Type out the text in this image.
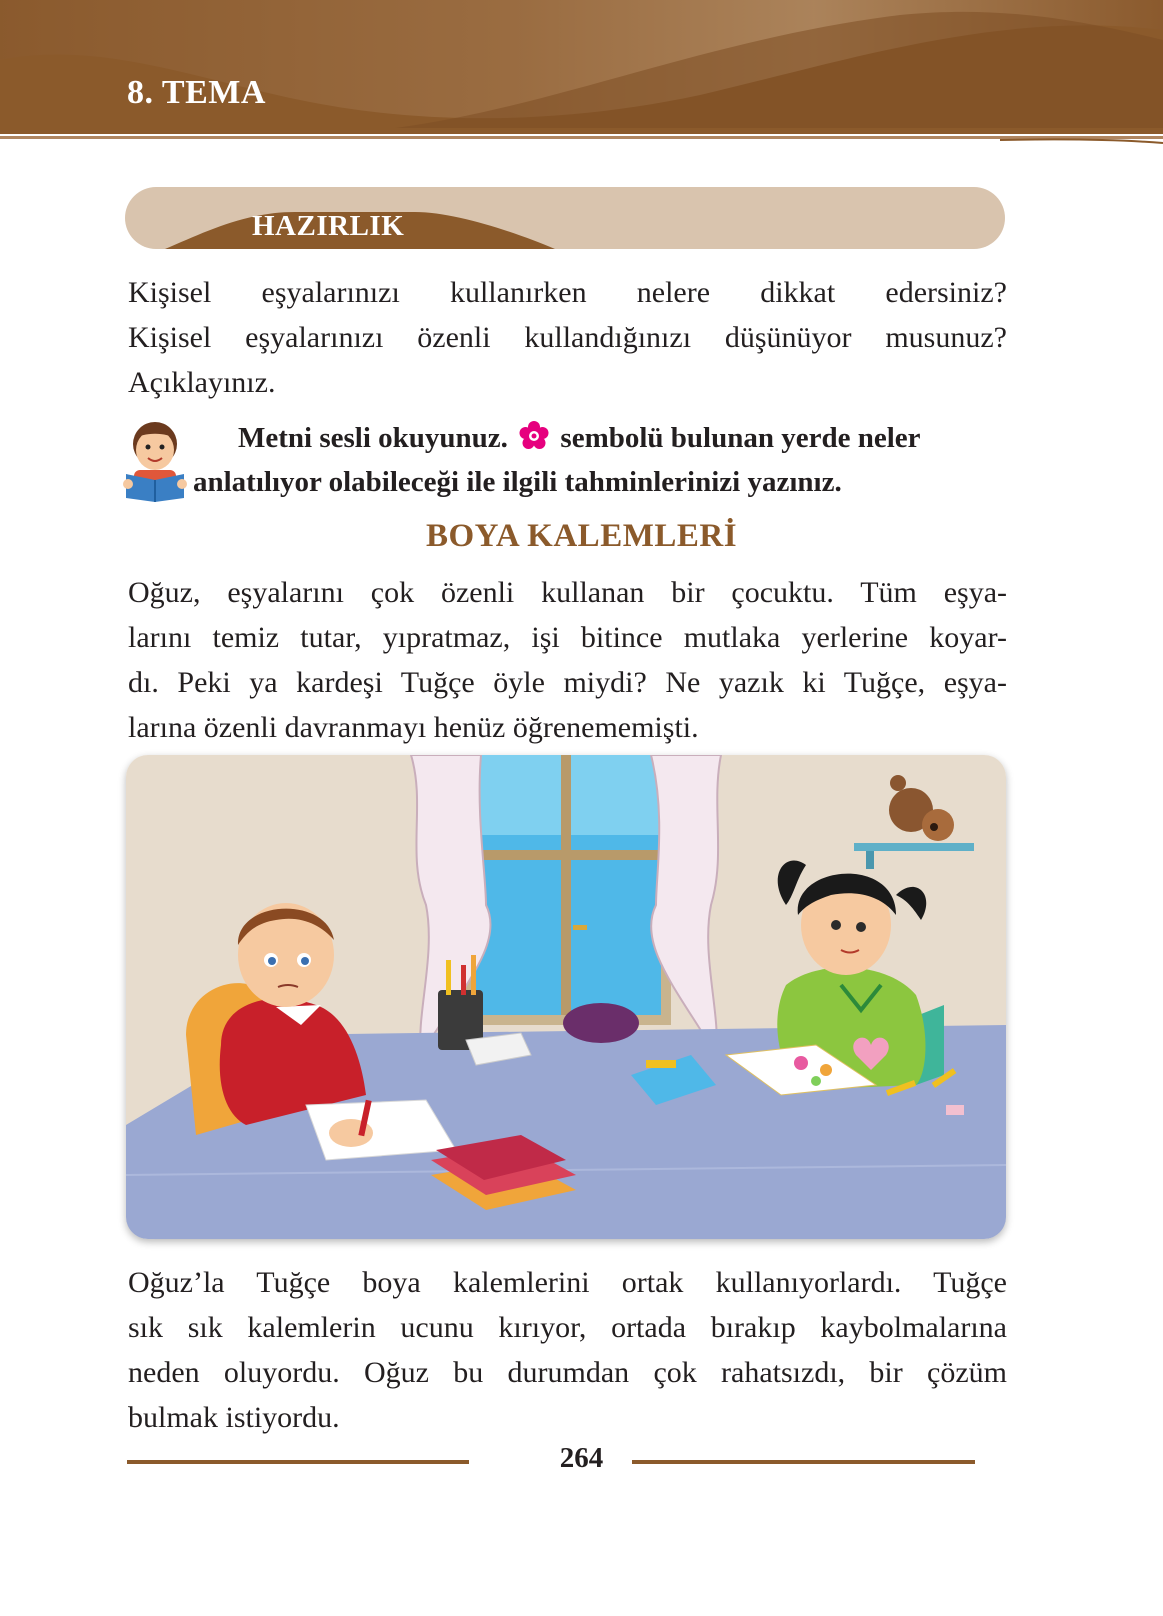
8. TEMA
HAZIRLIK

Kişisel eşyalarınızı kullanırken nelere dikkat edersiniz?
Kişisel eşyalarınızı özenli kullandığınızı düşünüyor musunuz?
Açıklayınız.

Metni sesli okuyunuz. sembolü bulunan yerde neler
anlatılıyor olabileceği ile ilgili tahminlerinizi yazınız.

BOYA KALEMLERİ

Oğuz, eşyalarını çok özenli kullanan bir çocuktu. Tüm eşya-
larını temiz tutar, yıpratmaz, işi bitince mutlaka yerlerine koyar-
dı. Peki ya kardeşi Tuğçe öyle miydi? Ne yazık ki Tuğçe, eşya-
larına özenli davranmayı henüz öğrenememişti.

Oğuz’la Tuğçe boya kalemlerini ortak kullanıyorlardı. Tuğçe
sık sık kalemlerin ucunu kırıyor, ortada bırakıp kaybolmalarına
neden oluyordu. Oğuz bu durumdan çok rahatsızdı, bir çözüm
bulmak istiyordu.

264
